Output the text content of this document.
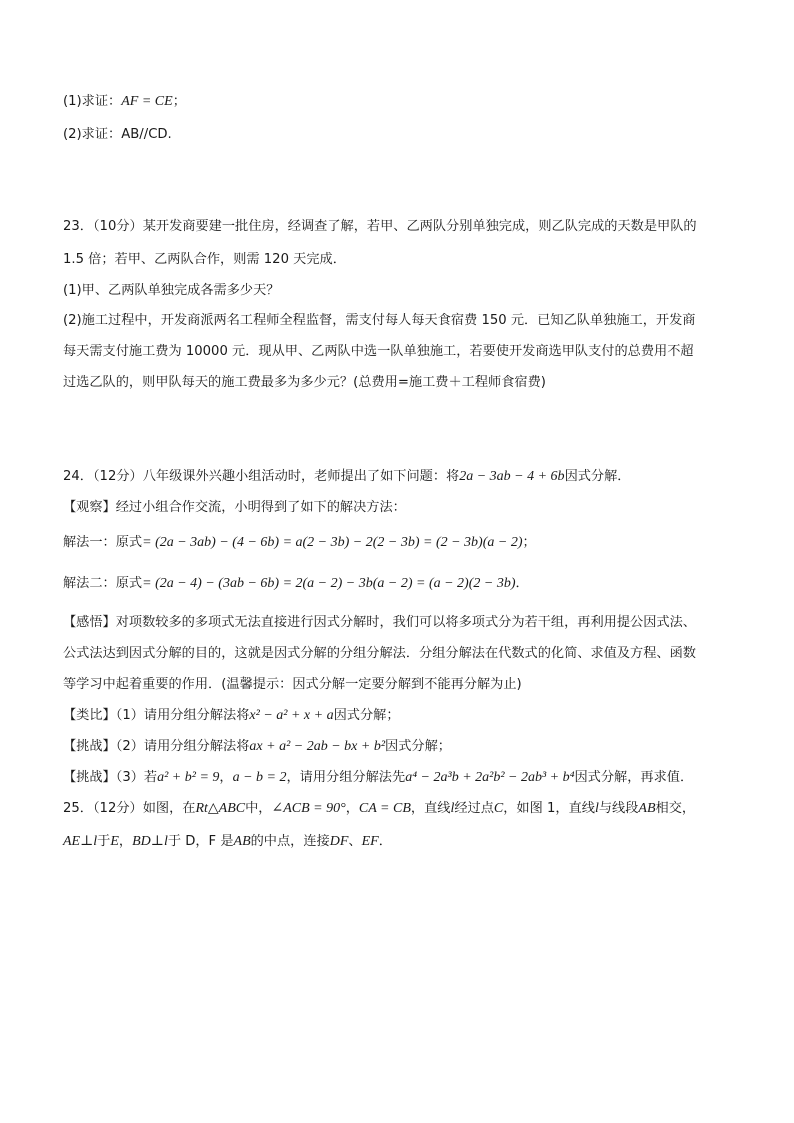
(1)求证：AF = CE；
(2)求证：AB//CD.
23．（10分）某开发商要建一批住房，经调查了解，若甲、乙两队分别单独完成，则乙队完成的天数是甲队的
1.5 倍；若甲、乙两队合作，则需 120 天完成．
(1)甲、乙两队单独完成各需多少天？
(2)施工过程中，开发商派两名工程师全程监督，需支付每人每天食宿费 150 元．已知乙队单独施工，开发商
每天需支付施工费为 10000 元．现从甲、乙两队中选一队单独施工，若要使开发商选甲队支付的总费用不超
过选乙队的，则甲队每天的施工费最多为多少元？(总费用=施工费＋工程师食宿费)
24．（12分）八年级课外兴趣小组活动时，老师提出了如下问题：将2a − 3ab − 4 + 6b因式分解．
【观察】经过小组合作交流，小明得到了如下的解决方法：
解法一：原式= (2a − 3ab) − (4 − 6b) = a(2 − 3b) − 2(2 − 3b) = (2 − 3b)(a − 2)；
解法二：原式= (2a − 4) − (3ab − 6b) = 2(a − 2) − 3b(a − 2) = (a − 2)(2 − 3b)．
【感悟】对项数较多的多项式无法直接进行因式分解时，我们可以将多项式分为若干组，再利用提公因式法、
公式法达到因式分解的目的，这就是因式分解的分组分解法．分组分解法在代数式的化简、求值及方程、函数
等学习中起着重要的作用．(温馨提示：因式分解一定要分解到不能再分解为止)
【类比】（1）请用分组分解法将x² − a² + x + a因式分解；
【挑战】（2）请用分组分解法将ax + a² − 2ab − bx + b²因式分解；
【挑战】（3）若a² + b² = 9，a − b = 2，请用分组分解法先a⁴ − 2a³b + 2a²b² − 2ab³ + b⁴因式分解，再求值．
25．（12分）如图，在Rt△ABC中，∠ACB = 90°，CA = CB，直线l经过点C，如图 1，直线l与线段AB相交，
AE⊥l于E，BD⊥l于 D，F 是AB的中点，连接DF、EF．
